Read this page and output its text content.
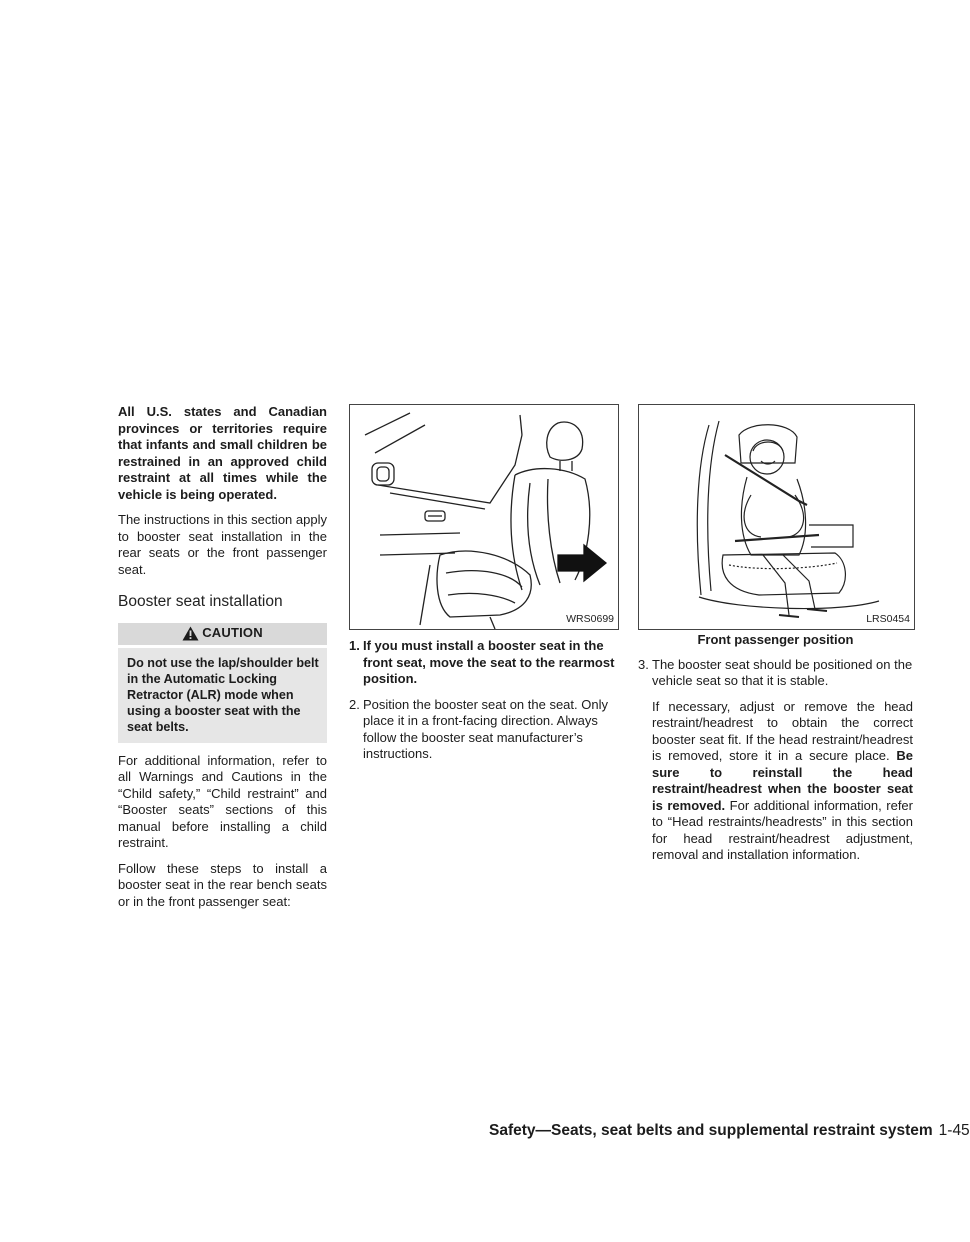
All U.S. states and Canadian provinces or territories require that infants and small children be restrained in an approved child restraint at all times while the vehicle is being operated.

The instructions in this section apply to booster seat installation in the rear seats or the front passenger seat.

Booster seat installation
CAUTION
Do not use the lap/shoulder belt in the Automatic Locking Retractor (ALR) mode when using a booster seat with the seat belts.

For additional information, refer to all Warnings and Cautions in the “Child safety,” “Child restraint” and “Booster seats” sections of this manual before installing a child restraint.

Follow these steps to install a booster seat in the rear bench seats or in the front passenger seat:

WRS0699
1. If you must install a booster seat in the front seat, move the seat to the rearmost position.
2. Position the booster seat on the seat. Only place it in a front-facing direction. Always follow the booster seat manufacturer’s instructions.
LRS0454
Front passenger position
3. The booster seat should be positioned on the vehicle seat so that it is stable.

If necessary, adjust or remove the head restraint/headrest to obtain the correct booster seat fit. If the head restraint/headrest is removed, store it in a secure place. Be sure to reinstall the head restraint/headrest when the booster seat is removed. For additional information, refer to “Head restraints/headrests” in this section for head restraint/headrest adjustment, removal and installation information.

Safety—Seats, seat belts and supplemental restraint system 1-45
